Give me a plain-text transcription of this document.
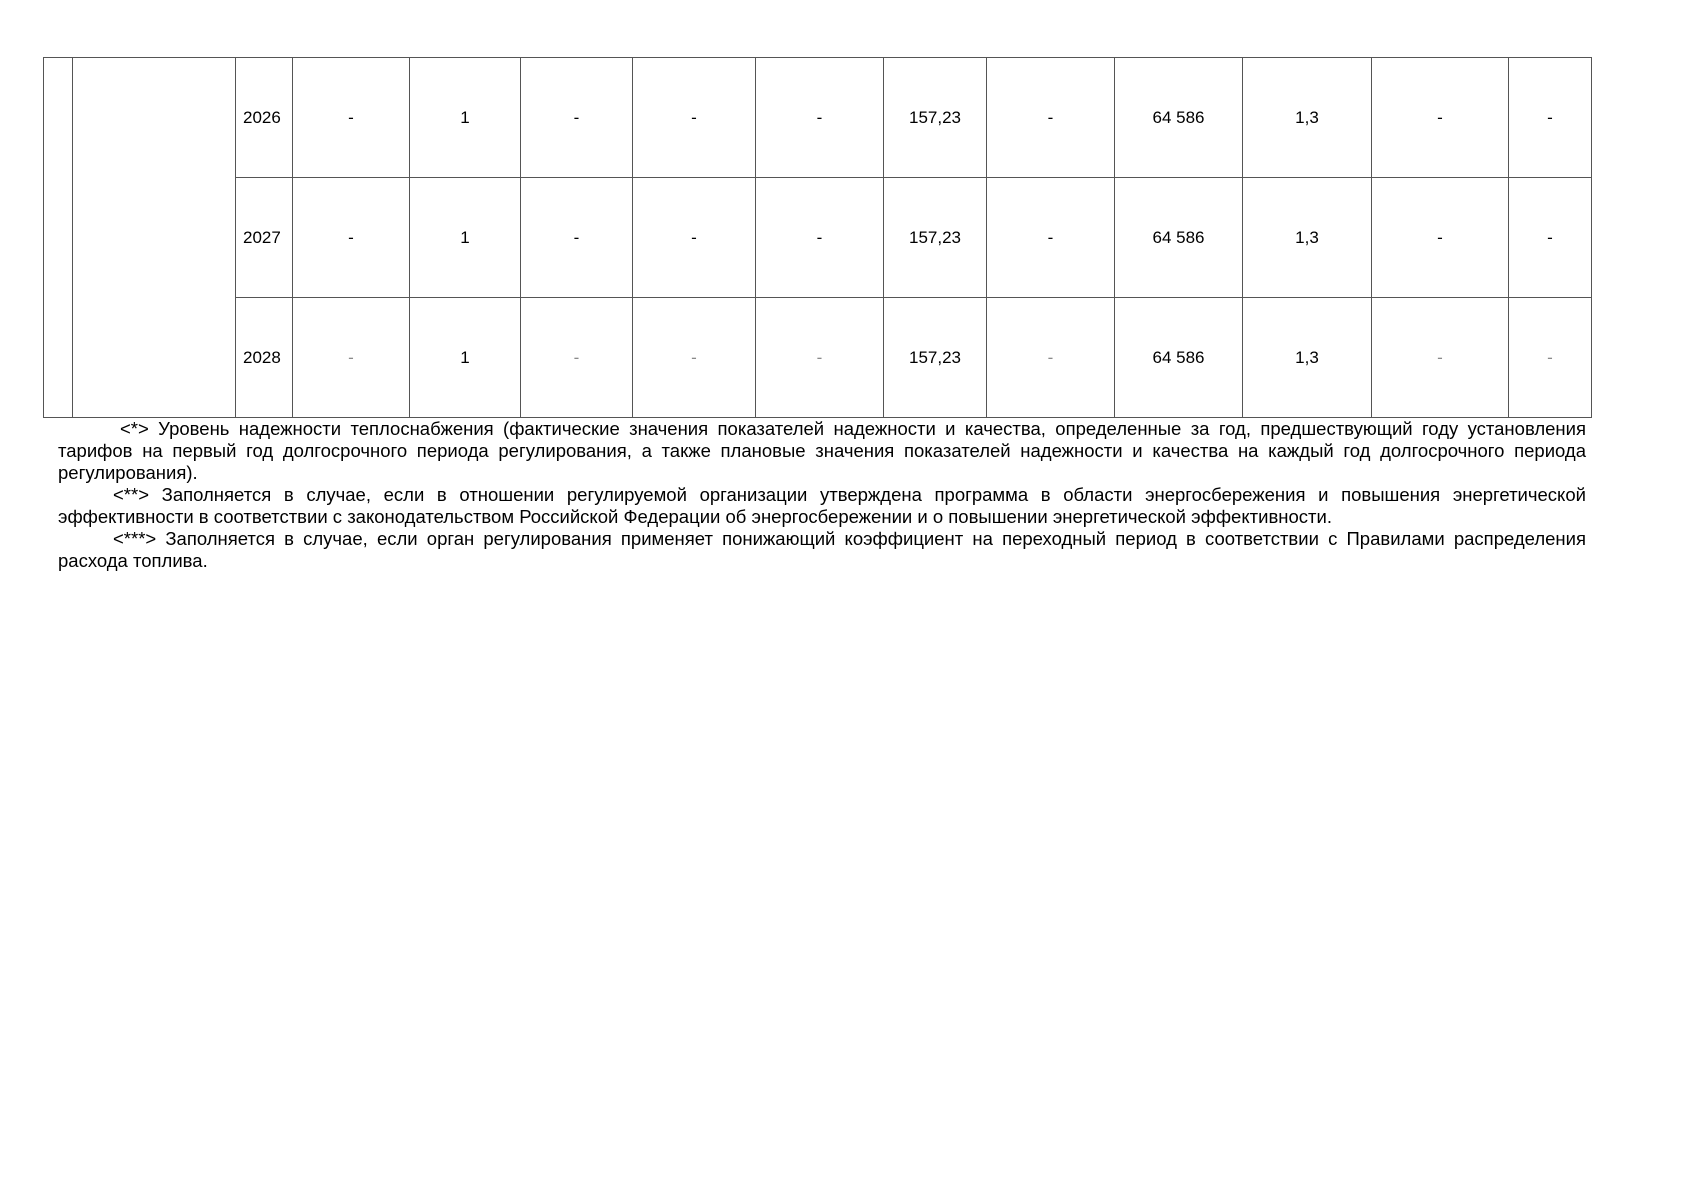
		2026	-	1	-	-	-	157,23	-	64 586	1,3	-	-
		2027	-	1	-	-	-	157,23	-	64 586	1,3	-	-
		2028	-	1	-	-	-	157,23	-	64 586	1,3	-	-

<*> Уровень надежности теплоснабжения (фактические значения показателей надежности и качества, определенные за год, предшествующий году установления тарифов на первый год долгосрочного периода регулирования, а также плановые значения показателей надежности и качества на каждый год долгосрочного периода регулирования).

<**> Заполняется в случае, если в отношении регулируемой организации утверждена программа в области энергосбережения и повышения энергетической эффективности в соответствии с законодательством Российской Федерации об энергосбережении и о повышении энергетической эффективности.

<***> Заполняется в случае, если орган регулирования применяет понижающий коэффициент на переходный период в соответствии с Правилами распределения расхода топлива.
